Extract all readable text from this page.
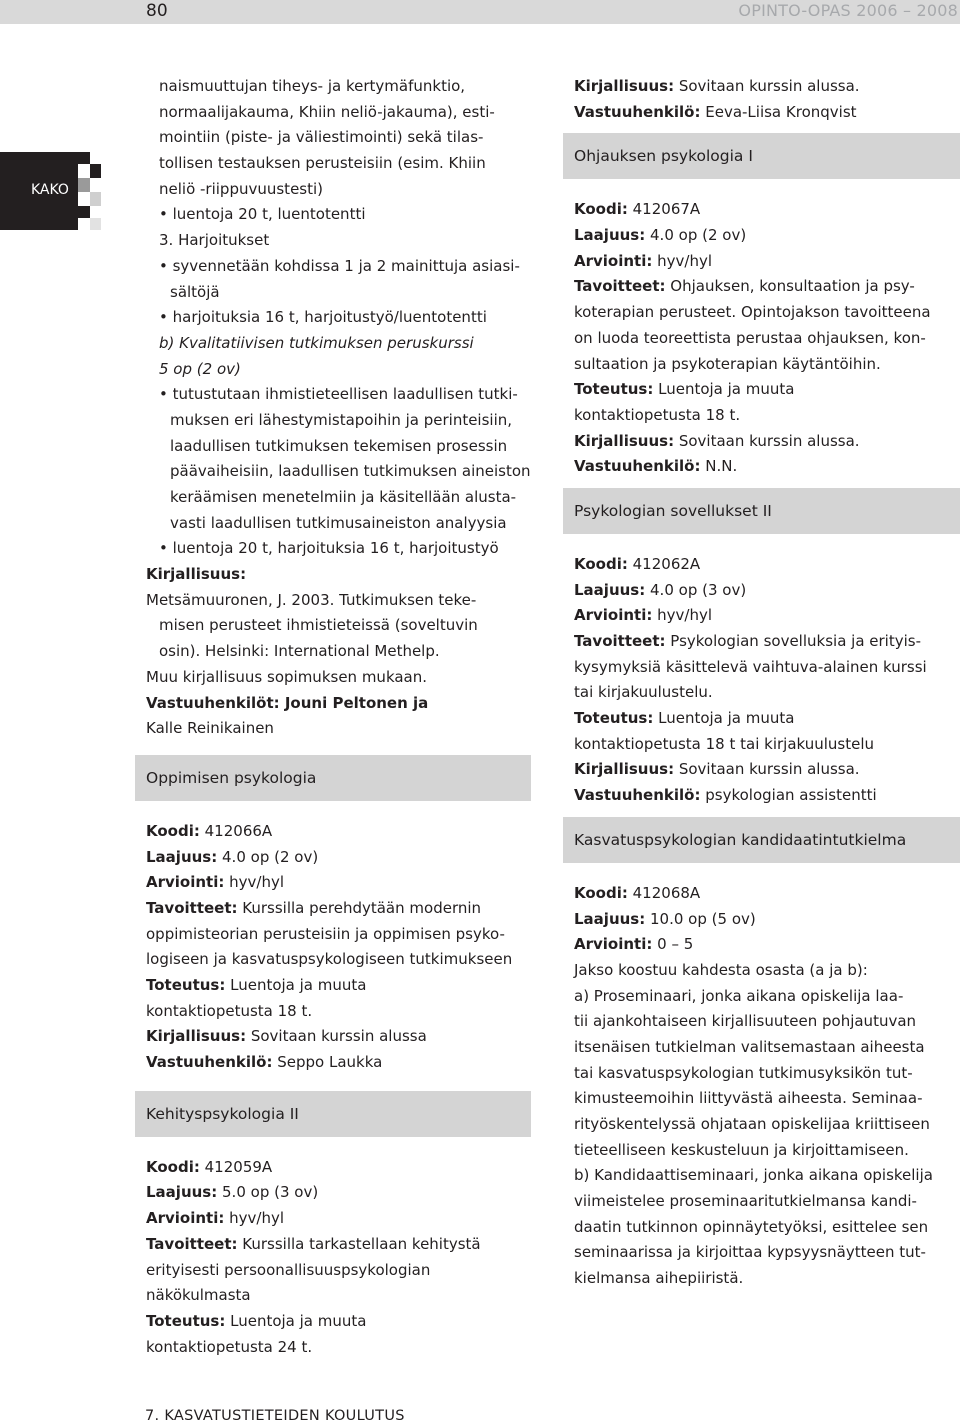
80	OPINTO-OPAS 2006 – 2008
KAKO
naismuuttujan tiheys- ja kertymäfunktio,
normaalijakauma, Khiin neliö-jakauma), esti-
mointiin (piste- ja väliestimointi) sekä tilas-
tollisen testauksen perusteisiin (esim. Khiin
neliö -riippuvuustesti)
• luentoja 20 t, luentotentti
3. Harjoitukset
• syvennetään kohdissa 1 ja 2 mainittuja asiasi-
sältöjä
• harjoituksia 16 t, harjoitustyö/luentotentti
b) Kvalitatiivisen tutkimuksen peruskurssi
5 op (2 ov)
• tutustutaan ihmistieteellisen laadullisen tutki-
muksen eri lähestymistapoihin ja perinteisiin,
laadullisen tutkimuksen tekemisen prosessin
päävaiheisiin, laadullisen tutkimuksen aineiston
keräämisen menetelmiin ja käsitellään alusta-
vasti laadullisen tutkimusaineiston analyysia
• luentoja 20 t, harjoituksia 16 t, harjoitustyö
Kirjallisuus:
Metsämuuronen, J. 2003. Tutkimuksen teke-
misen perusteet ihmistieteissä (soveltuvin
osin). Helsinki: International Methelp.
Muu kirjallisuus sopimuksen mukaan.
Vastuuhenkilöt: Jouni Peltonen ja
Kalle Reinikainen
Oppimisen psykologia
Koodi: 412066A
Laajuus: 4.0 op (2 ov)
Arviointi: hyv/hyl
Tavoitteet: Kurssilla perehdytään modernin
oppimisteorian perusteisiin ja oppimisen psyko-
logiseen ja kasvatuspsykologiseen tutkimukseen
Toteutus: Luentoja ja muuta
kontaktiopetusta 18 t.
Kirjallisuus: Sovitaan kurssin alussa
Vastuuhenkilö: Seppo Laukka
Kehityspsykologia II
Koodi: 412059A
Laajuus: 5.0 op (3 ov)
Arviointi: hyv/hyl
Tavoitteet: Kurssilla tarkastellaan kehitystä
erityisesti persoonallisuuspsykologian
näkökulmasta
Toteutus: Luentoja ja muuta
kontaktiopetusta 24 t.
Kirjallisuus: Sovitaan kurssin alussa.
Vastuuhenkilö: Eeva-Liisa Kronqvist
Ohjauksen psykologia I
Koodi: 412067A
Laajuus: 4.0 op (2 ov)
Arviointi: hyv/hyl
Tavoitteet: Ohjauksen, konsultaation ja psy-
koterapian perusteet. Opintojakson tavoitteena
on luoda teoreettista perustaa ohjauksen, kon-
sultaation ja psykoterapian käytäntöihin.
Toteutus: Luentoja ja muuta
kontaktiopetusta 18 t.
Kirjallisuus: Sovitaan kurssin alussa.
Vastuuhenkilö: N.N.
Psykologian sovellukset II
Koodi: 412062A
Laajuus: 4.0 op (3 ov)
Arviointi: hyv/hyl
Tavoitteet: Psykologian sovelluksia ja erityis-
kysymyksiä käsittelevä vaihtuva-alainen kurssi
tai kirjakuulustelu.
Toteutus: Luentoja ja muuta
kontaktiopetusta 18 t tai kirjakuulustelu
Kirjallisuus: Sovitaan kurssin alussa.
Vastuuhenkilö: psykologian assistentti
Kasvatuspsykologian kandidaatintutkielma
Koodi: 412068A
Laajuus: 10.0 op (5 ov)
Arviointi: 0 – 5
Jakso koostuu kahdesta osasta (a ja b):
a) Proseminaari, jonka aikana opiskelija laa-
tii ajankohtaiseen kirjallisuuteen pohjautuvan
itsenäisen tutkielman valitsemastaan aiheesta
tai kasvatuspsykologian tutkimusyksikön tut-
kimusteemoihin liittyvästä aiheesta. Seminaa-
rityöskentelyssä ohjataan opiskelijaa kriittiseen
tieteelliseen keskusteluun ja kirjoittamiseen.
b) Kandidaattiseminaari, jonka aikana opiskelija
viimeistelee proseminaaritutkielmansa kandi-
daatin tutkinnon opinnäytetyöksi, esittelee sen
seminaarissa ja kirjoittaa kypsyysnäytteen tut-
kielmansa aihepiiristä.
7. KASVATUSTIETEIDEN KOULUTUS
